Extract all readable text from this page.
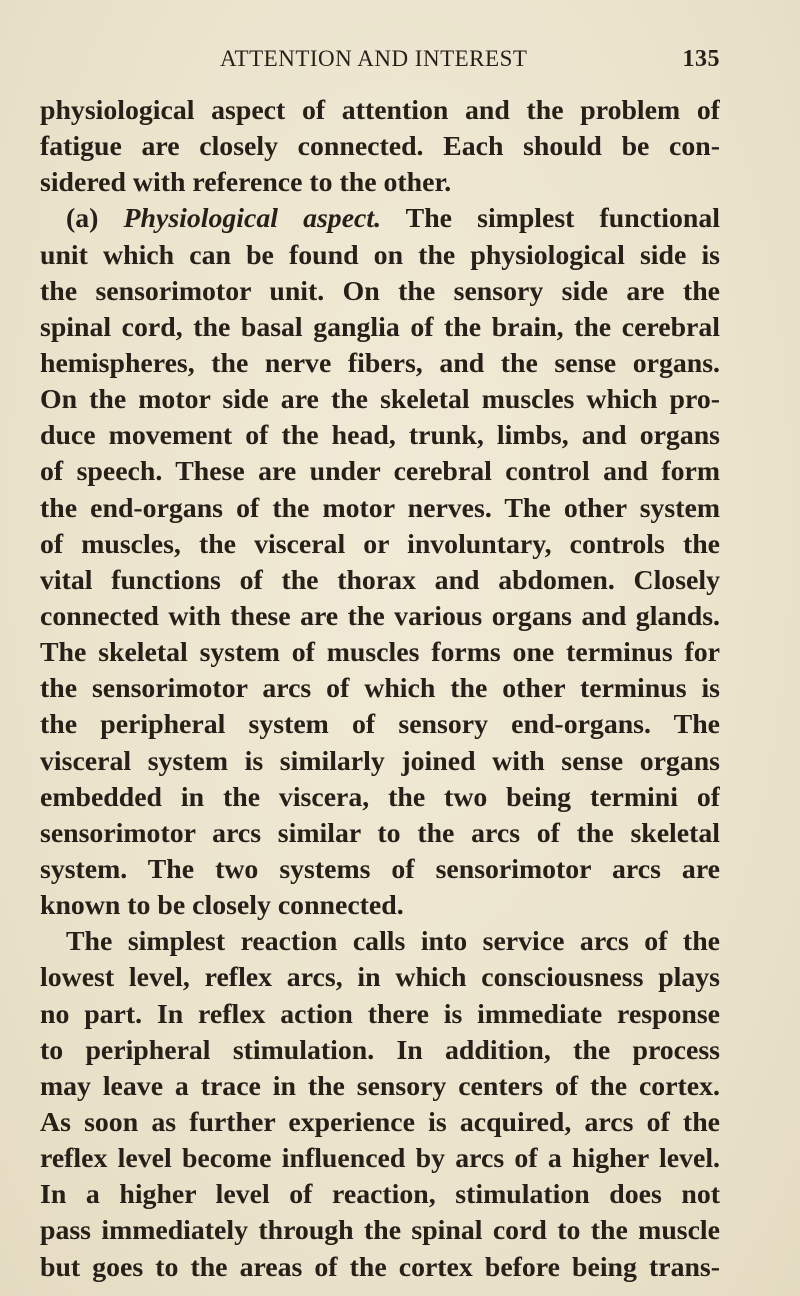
ATTENTION AND INTEREST	135
physiological aspect of attention and the problem of
fatigue are closely connected. Each should be con-
sidered with reference to the other.
(a) Physiological aspect. The simplest functional
unit which can be found on the physiological side is
the sensorimotor unit. On the sensory side are the
spinal cord, the basal ganglia of the brain, the cerebral
hemispheres, the nerve fibers, and the sense organs.
On the motor side are the skeletal muscles which pro-
duce movement of the head, trunk, limbs, and organs
of speech. These are under cerebral control and form
the end-organs of the motor nerves. The other system
of muscles, the visceral or involuntary, controls the
vital functions of the thorax and abdomen. Closely
connected with these are the various organs and glands.
The skeletal system of muscles forms one terminus for
the sensorimotor arcs of which the other terminus is
the peripheral system of sensory end-organs. The
visceral system is similarly joined with sense organs
embedded in the viscera, the two being termini of
sensorimotor arcs similar to the arcs of the skeletal
system. The two systems of sensorimotor arcs are
known to be closely connected.
The simplest reaction calls into service arcs of the
lowest level, reflex arcs, in which consciousness plays
no part. In reflex action there is immediate response
to peripheral stimulation. In addition, the process
may leave a trace in the sensory centers of the cortex.
As soon as further experience is acquired, arcs of the
reflex level become influenced by arcs of a higher level.
In a higher level of reaction, stimulation does not
pass immediately through the spinal cord to the muscle
but goes to the areas of the cortex before being trans-
